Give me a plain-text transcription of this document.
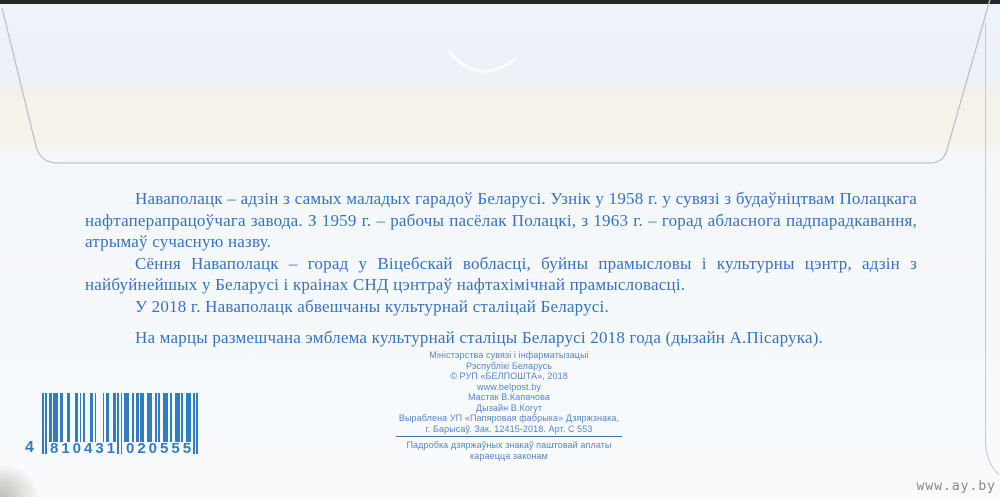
Наваполацк – адзін з самых маладых гарадоў Беларусі. Узнік у 1958 г. у сувязі з будаўніцтвам Полацкага нафтаперапрацоўчага завода. З 1959 г. – рабочы пасёлак Полацкі, з 1963 г. – горад абласнога падпарадкавання, атрымаў сучасную назву.

Сёння Наваполацк – горад у Віцебскай вобласці, буйны прамысловы і культурны цэнтр, адзін з найбуйнейшых у Беларусі і краінах СНД цэнтраў нафтахімічнай прамысловасці.

У 2018 г. Наваполацк абвешчаны культурнай сталіцай Беларусі.

На марцы размешчана эмблема культурнай сталіцы Беларусі 2018 года (дызайн А.Пісарука).

Міністэрства сувязі і інфарматызацыі
Рэспублікі Беларусь
© РУП «БЕЛПОШТА», 2018
www.belpost.by
Мастак В.Капачова
Дызайн В.Когут
Выраблена УП «Папяровая фабрыка» Дзяржзнака,
г. Барысаў. Зак. 12415-2018. Арт. С 553
Падробка дзяржаўных знакаў паштовай аплаты
караецца законам
4 810431 020555
www.ay.by
